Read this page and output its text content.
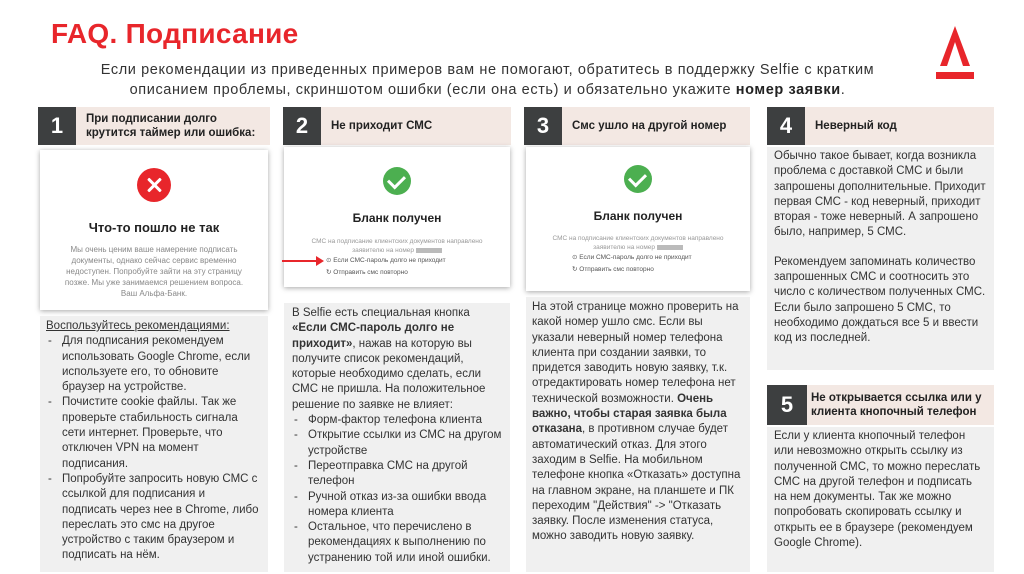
FAQ. Подписание
Если рекомендации из приведенных примеров вам не помогают, обратитесь в поддержку Selfie с кратким описанием проблемы, скриншотом ошибки (если она есть) и обязательно укажите номер заявки.
1	При подписании долго
крутится таймер или ошибка:
Что-то пошло не так
Мы очень ценим ваше намерение подписать документы, однако сейчас сервис временно недоступен. Попробуйте зайти на эту страницу позже. Мы уже занимаемся решением вопроса. Ваш Альфа-Банк.

Воспользуйтесь рекомендациями:

- Для подписания рекомендуем использовать Google Chrome, если используете его, то обновите браузер на устройстве.
- Почистите cookie файлы. Так же проверьте стабильность сигнала сети интернет. Проверьте, что отключен VPN на момент подписания.
- Попробуйте запросить новую СМС с ссылкой для подписания и подписать через нее в Chrome, либо переслать это смс на другое устройство с таким браузером и подписать на нём.
2	Не приходит СМС
Бланк получен
СМС на подписание клиентских документов направлено заявителю на номер
⊙ Если СМС-пароль долго не приходит
↻ Отправить смс повторно

В Selfie есть специальная кнопка «Если СМС-пароль долго не приходит», нажав на которую вы получите список рекомендаций, которые необходимо сделать, если СМС не пришла. На положительное решение по заявке не влияет:

- Форм-фактор телефона клиента
- Открытие ссылки из СМС на другом устройстве
- Переотправка СМС на другой телефон
- Ручной отказ из-за ошибки ввода номера клиента
- Остальное, что перечислено в рекомендациях к выполнению по устранению той или иной ошибки.
3	Смс ушло на другой номер
Бланк получен
СМС на подписание клиентских документов направлено заявителю на номер
⊙ Если СМС-пароль долго не приходит
↻ Отправить смс повторно

На этой странице можно проверить на какой номер ушло смс. Если вы указали неверный номер телефона клиента при создании заявки, то придется заводить новую заявку, т.к. отредактировать номер телефона нет технической возможности. Очень важно, чтобы старая заявка была отказана, в противном случае будет автоматический отказ. Для этого заходим в Selfie. На мобильном телефоне кнопка «Отказать» доступна на главном экране, на планшете и ПК переходим "Действия" -> "Отказать заявку. После изменения статуса, можно заводить новую заявку.

4	Неверный код

Обычно такое бывает, когда возникла проблема с доставкой СМС и были запрошены дополнительные. Приходит первая СМС - код неверный, приходит вторая - тоже неверный. А запрошено было, например, 5 СМС.

Рекомендуем запоминать количество запрошенных СМС и соотносить это число с количеством полученных СМС. Если было запрошено 5 СМС, то необходимо дождаться все 5 и ввести код из последней.

5	Не открывается ссылка или у
клиента кнопочный телефон

Если у клиента кнопочный телефон или невозможно открыть ссылку из полученной СМС, то можно переслать СМС на другой телефон и подписать на нем документы. Так же можно попробовать скопировать ссылку и открыть ее в браузере (рекомендуем Google Chrome).
